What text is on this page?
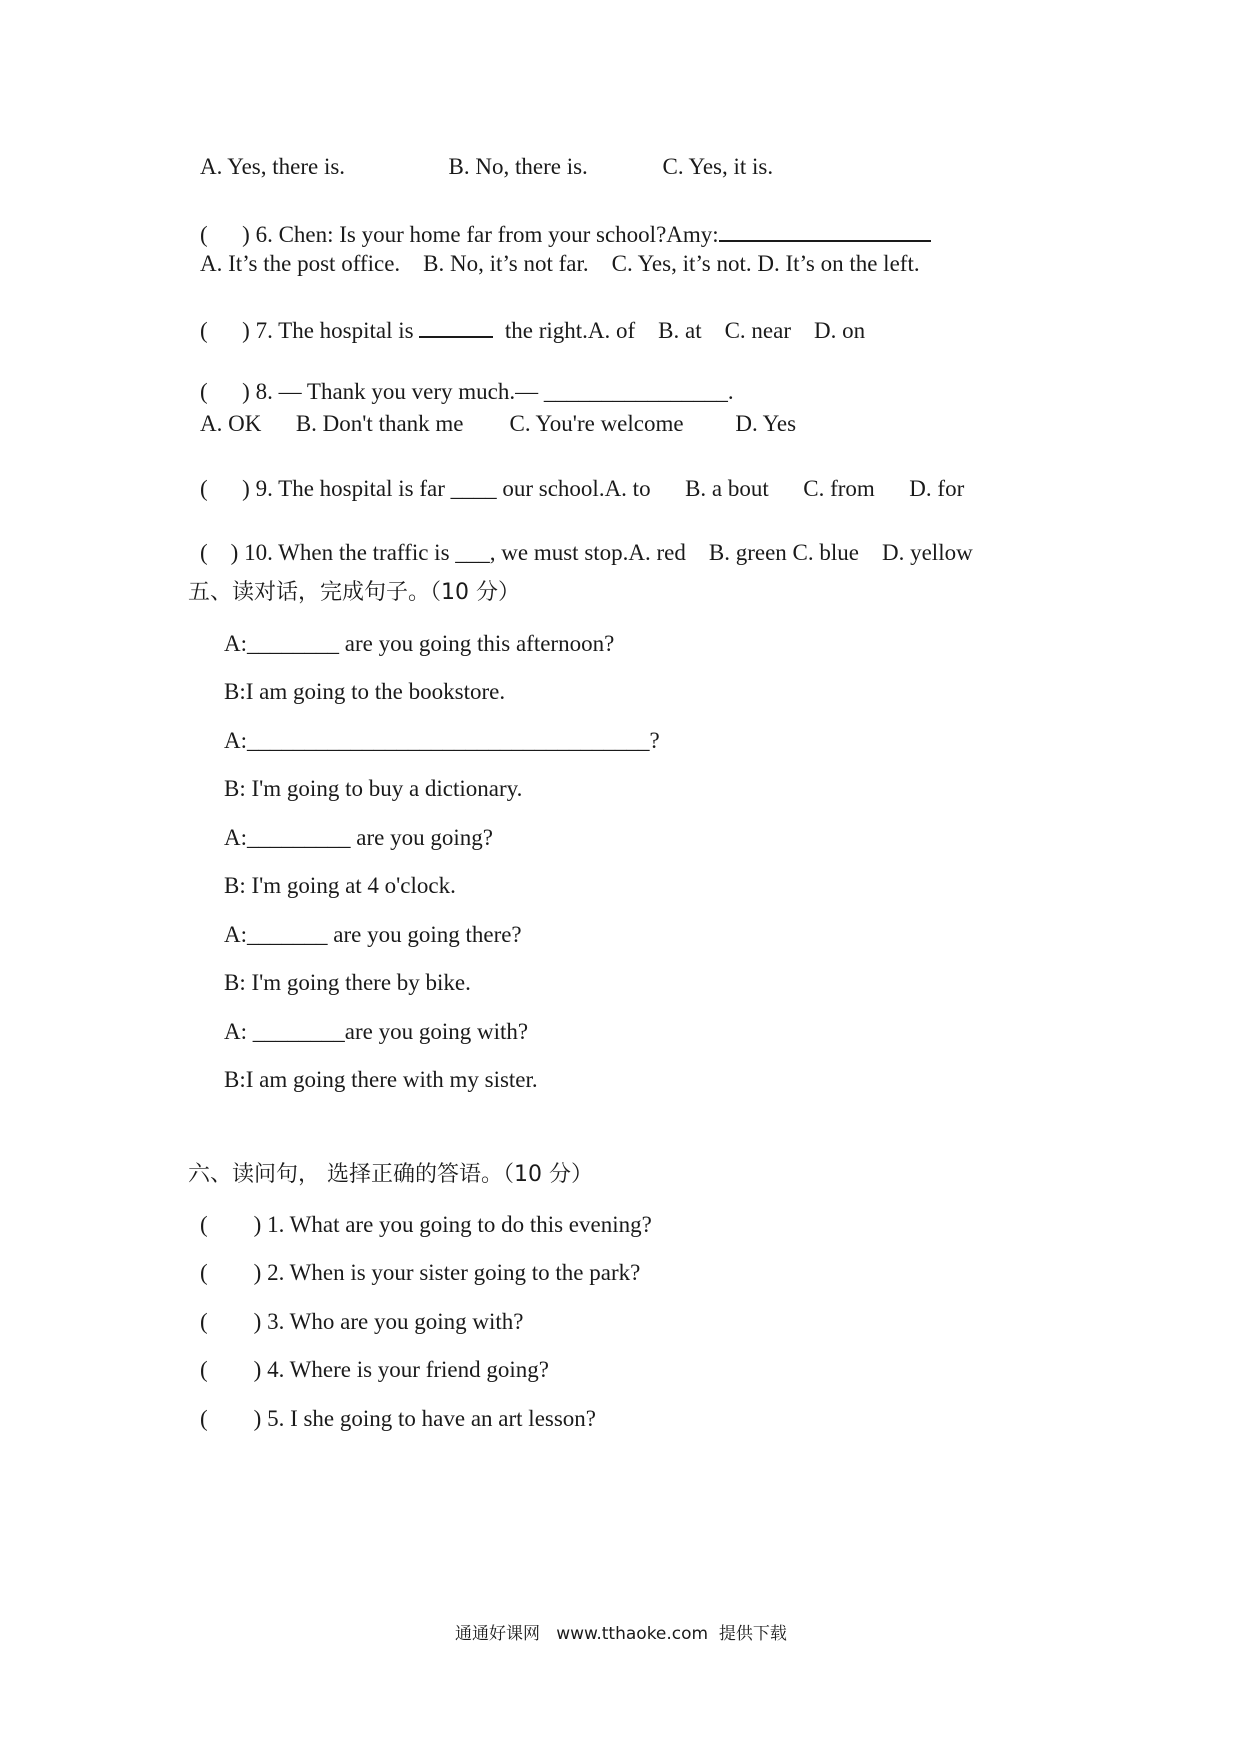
A. Yes, there is.                  B. No, there is.             C. Yes, it is.
(      ) 6. Chen: Is your home far from your school?Amy:
A. It’s the post office.    B. No, it’s not far.    C. Yes, it’s not. D. It’s on the left.
(      ) 7. The hospital is	the right.A. of    B. at    C. near    D. on
(      ) 8. — Thank you very much.— ________________.
A. OK      B. Don't thank me        C. You're welcome         D. Yes
(      ) 9. The hospital is far ____ our school.A. to      B. a bout      C. from      D. for
(    ) 10. When the traffic is ___, we must stop.A. red    B. green C. blue    D. yellow
五、读对话，完成句子。（10 分）
A:________ are you going this afternoon?
B:I am going to the bookstore.
A:___________________________________?
B: I'm going to buy a dictionary.
A:_________ are you going?
B: I'm going at 4 o'clock.
A:_______ are you going there?
B: I'm going there by bike.
A: ________are you going with?
B:I am going there with my sister.
六、读问句， 选择正确的答语。（10 分）
(        ) 1. What are you going to do this evening?
(        ) 2. When is your sister going to the park?
(        ) 3. Who are you going with?
(        ) 4. Where is your friend going?
(        ) 5. I she going to have an art lesson?
通通好课网   www.tthaoke.com  提供下载
